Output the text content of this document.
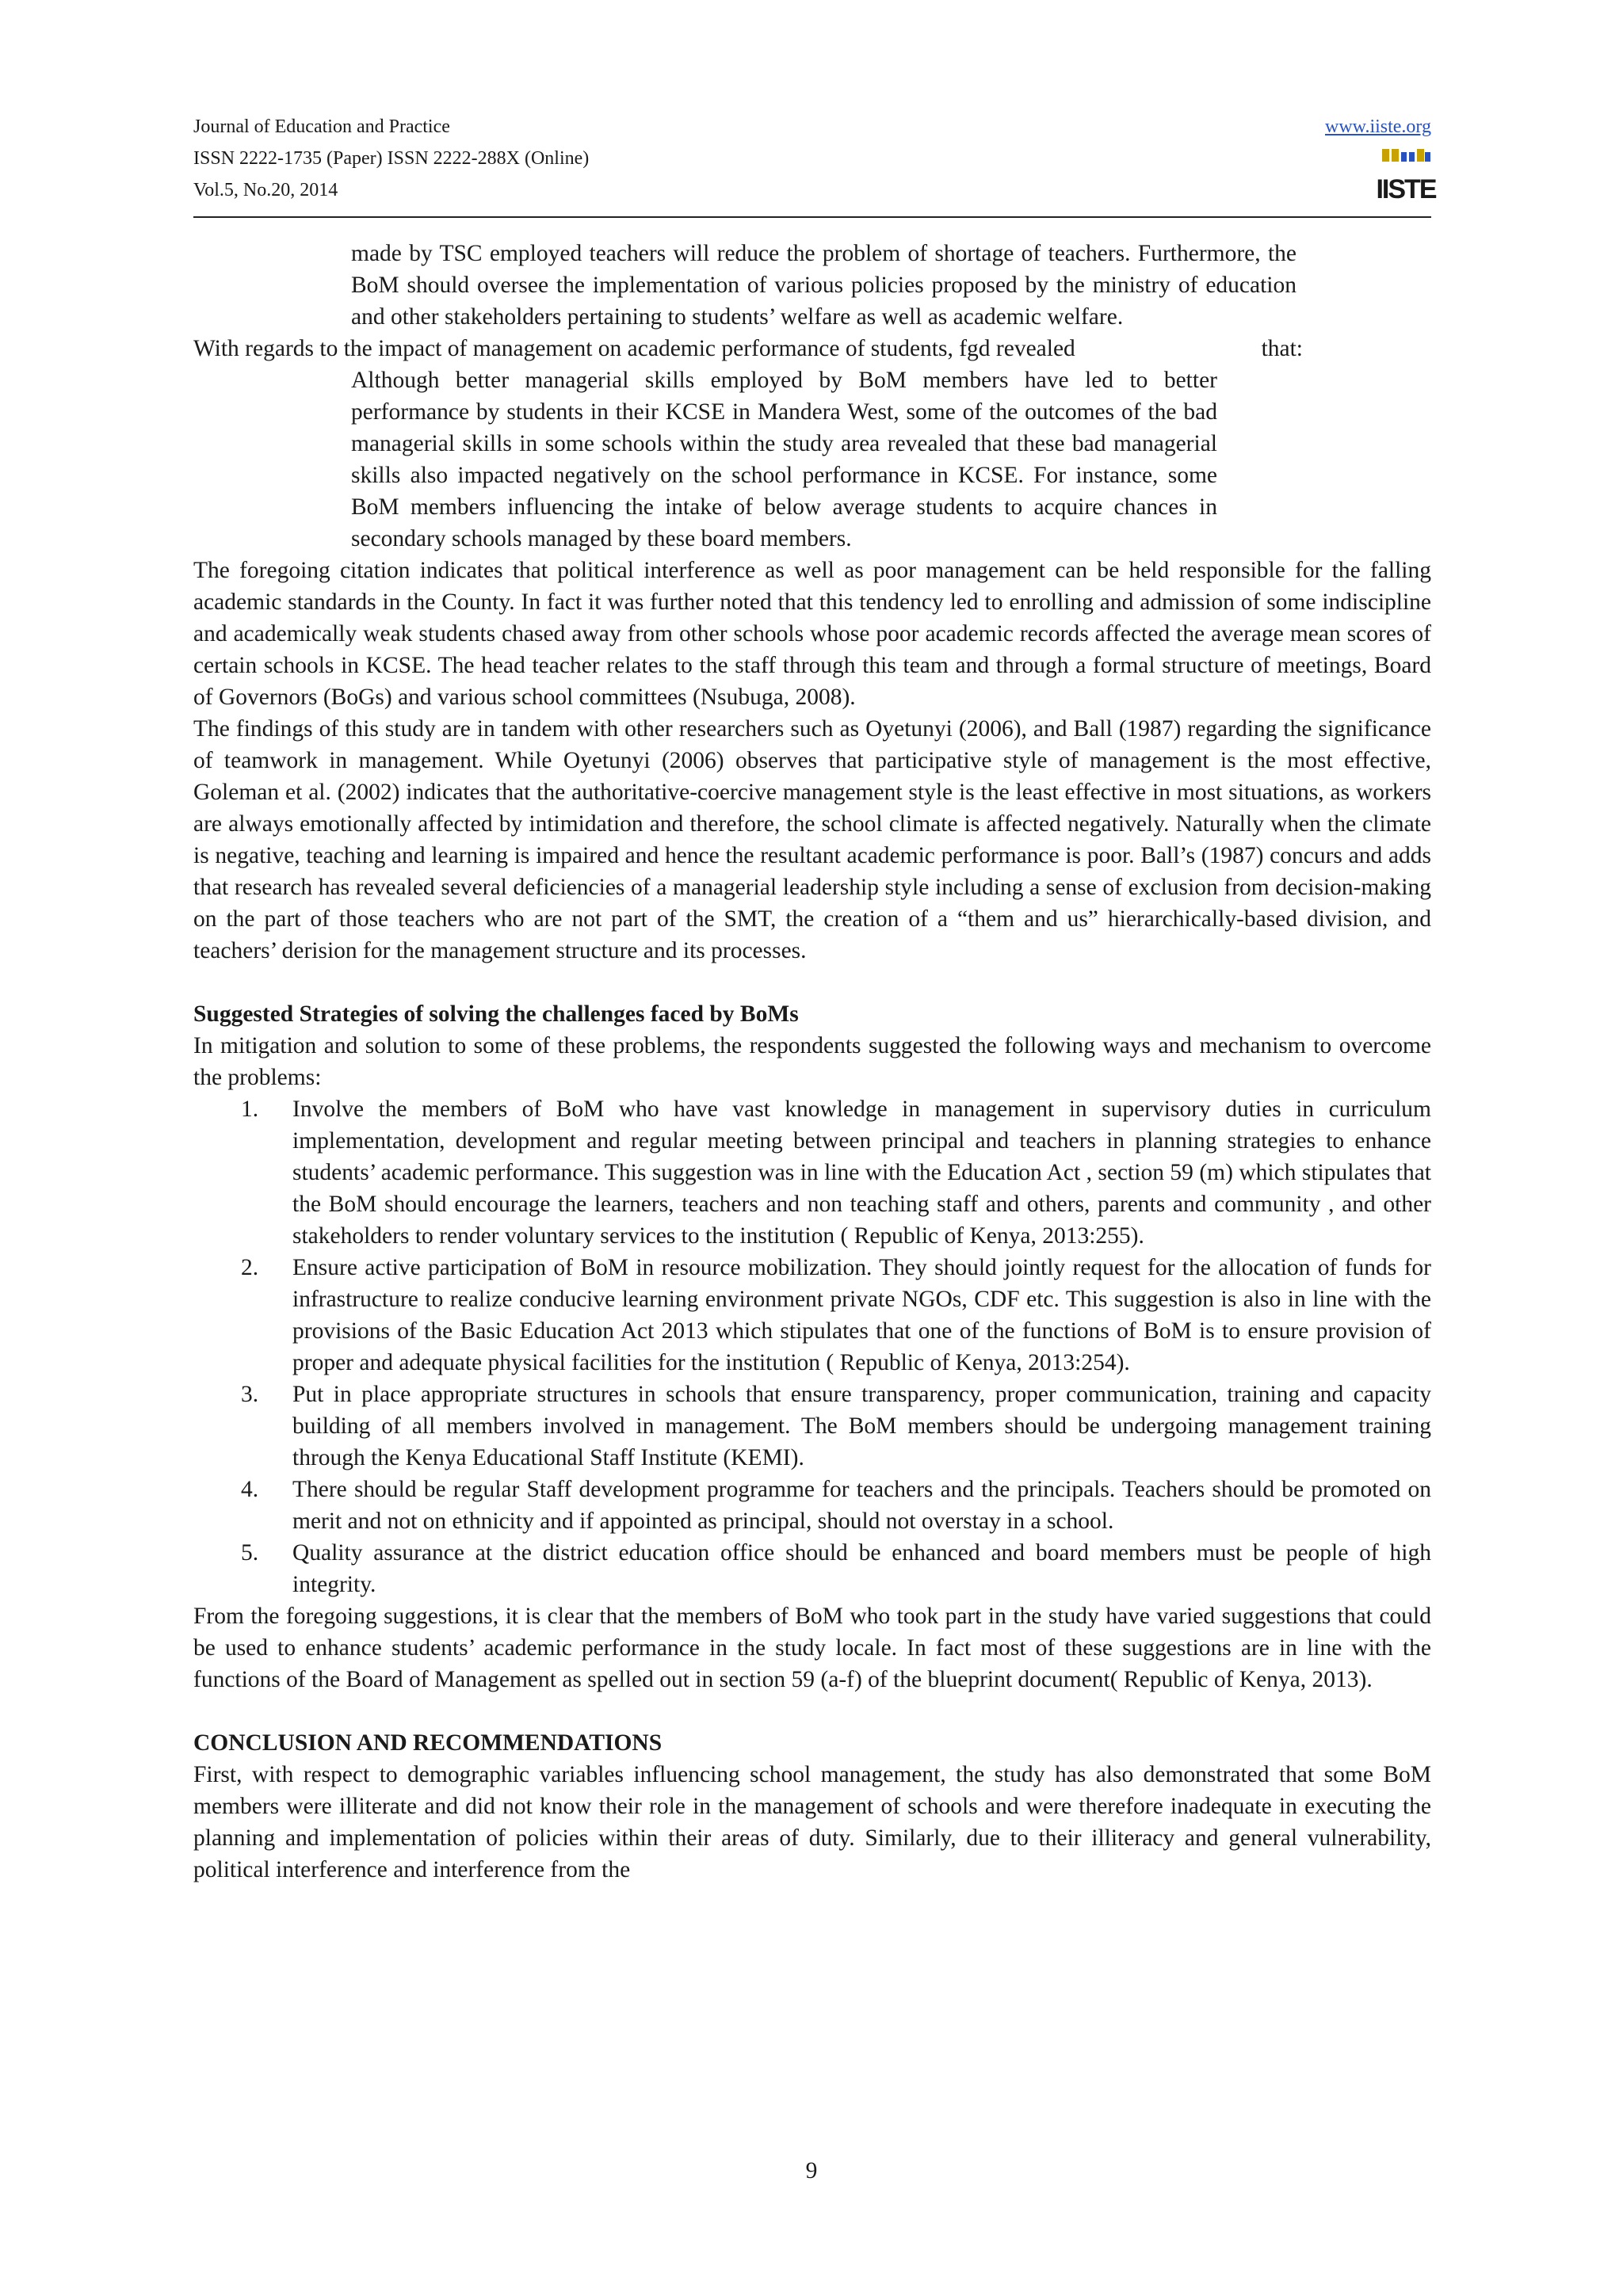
Journal of Education and Practice
ISSN 2222-1735 (Paper) ISSN 2222-288X (Online)
Vol.5, No.20, 2014
www.iiste.org
IISTE

made by TSC employed teachers will reduce the problem of shortage of teachers. Furthermore, the BoM should oversee the implementation of various policies proposed by the ministry of education and other stakeholders pertaining to students’ welfare as well as academic welfare.

With regards to the impact of management on academic performance of students, fgd revealed	that:

Although better managerial skills employed by BoM members have led to better performance by students in their KCSE in Mandera West, some of the outcomes of the bad managerial skills in some schools within the study area revealed that these bad managerial skills also impacted negatively on the school performance in KCSE. For instance, some BoM members influencing the intake of below average students to acquire chances in secondary schools managed by these board members.

The foregoing citation indicates that political interference as well as poor management can be held responsible for the falling academic standards in the County. In fact it was further noted that this tendency led to enrolling and admission of some indiscipline and academically weak students chased away from other schools whose poor academic records affected the average mean scores of certain schools in KCSE. The head teacher relates to the staff through this team and through a formal structure of meetings, Board of Governors (BoGs) and various school committees (Nsubuga, 2008).

The findings of this study are in tandem with other researchers such as Oyetunyi (2006), and Ball (1987) regarding the significance of teamwork in management. While Oyetunyi (2006) observes that participative style of management is the most effective, Goleman et al. (2002) indicates that the authoritative-coercive management style is the least effective in most situations, as workers are always emotionally affected by intimidation and therefore, the school climate is affected negatively. Naturally when the climate is negative, teaching and learning is impaired and hence the resultant academic performance is poor. Ball’s (1987) concurs and adds that research has revealed several deficiencies of a managerial leadership style including a sense of exclusion from decision-making on the part of those teachers who are not part of the SMT, the creation of a “them and us” hierarchically-based division, and teachers’ derision for the management structure and its processes.

Suggested Strategies of solving the challenges faced by BoMs

In mitigation and solution to some of these problems, the respondents suggested the following ways and mechanism to overcome the problems:

1. Involve the members of BoM who have vast knowledge in management in supervisory duties in curriculum implementation, development and regular meeting between principal and teachers in planning strategies to enhance students’ academic performance. This suggestion was in line with the Education Act , section 59 (m) which stipulates that the BoM should encourage the learners, teachers and non teaching staff and others, parents and community , and other stakeholders to render voluntary services to the institution ( Republic of Kenya, 2013:255).
2. Ensure active participation of BoM in resource mobilization. They should jointly request for the allocation of funds for infrastructure to realize conducive learning environment private NGOs, CDF etc. This suggestion is also in line with the provisions of the Basic Education Act 2013 which stipulates that one of the functions of BoM is to ensure provision of proper and adequate physical facilities for the institution ( Republic of Kenya, 2013:254).
3. Put in place appropriate structures in schools that ensure transparency, proper communication, training and capacity building of all members involved in management. The BoM members should be undergoing management training through the Kenya Educational Staff Institute (KEMI).
4. There should be regular Staff development programme for teachers and the principals. Teachers should be promoted on merit and not on ethnicity and if appointed as principal, should not overstay in a school.
5. Quality assurance at the district education office should be enhanced and board members must be people of high integrity.

From the foregoing suggestions, it is clear that the members of BoM who took part in the study have varied suggestions that could be used to enhance students’ academic performance in the study locale. In fact most of these suggestions are in line with the functions of the Board of Management as spelled out in section 59 (a-f) of the blueprint document( Republic of Kenya, 2013).

CONCLUSION AND RECOMMENDATIONS

First, with respect to demographic variables influencing school management, the study has also demonstrated that some BoM members were illiterate and did not know their role in the management of schools and were therefore inadequate in executing the planning and implementation of policies within their areas of duty. Similarly, due to their illiteracy and general vulnerability, political interference and interference from the

9
